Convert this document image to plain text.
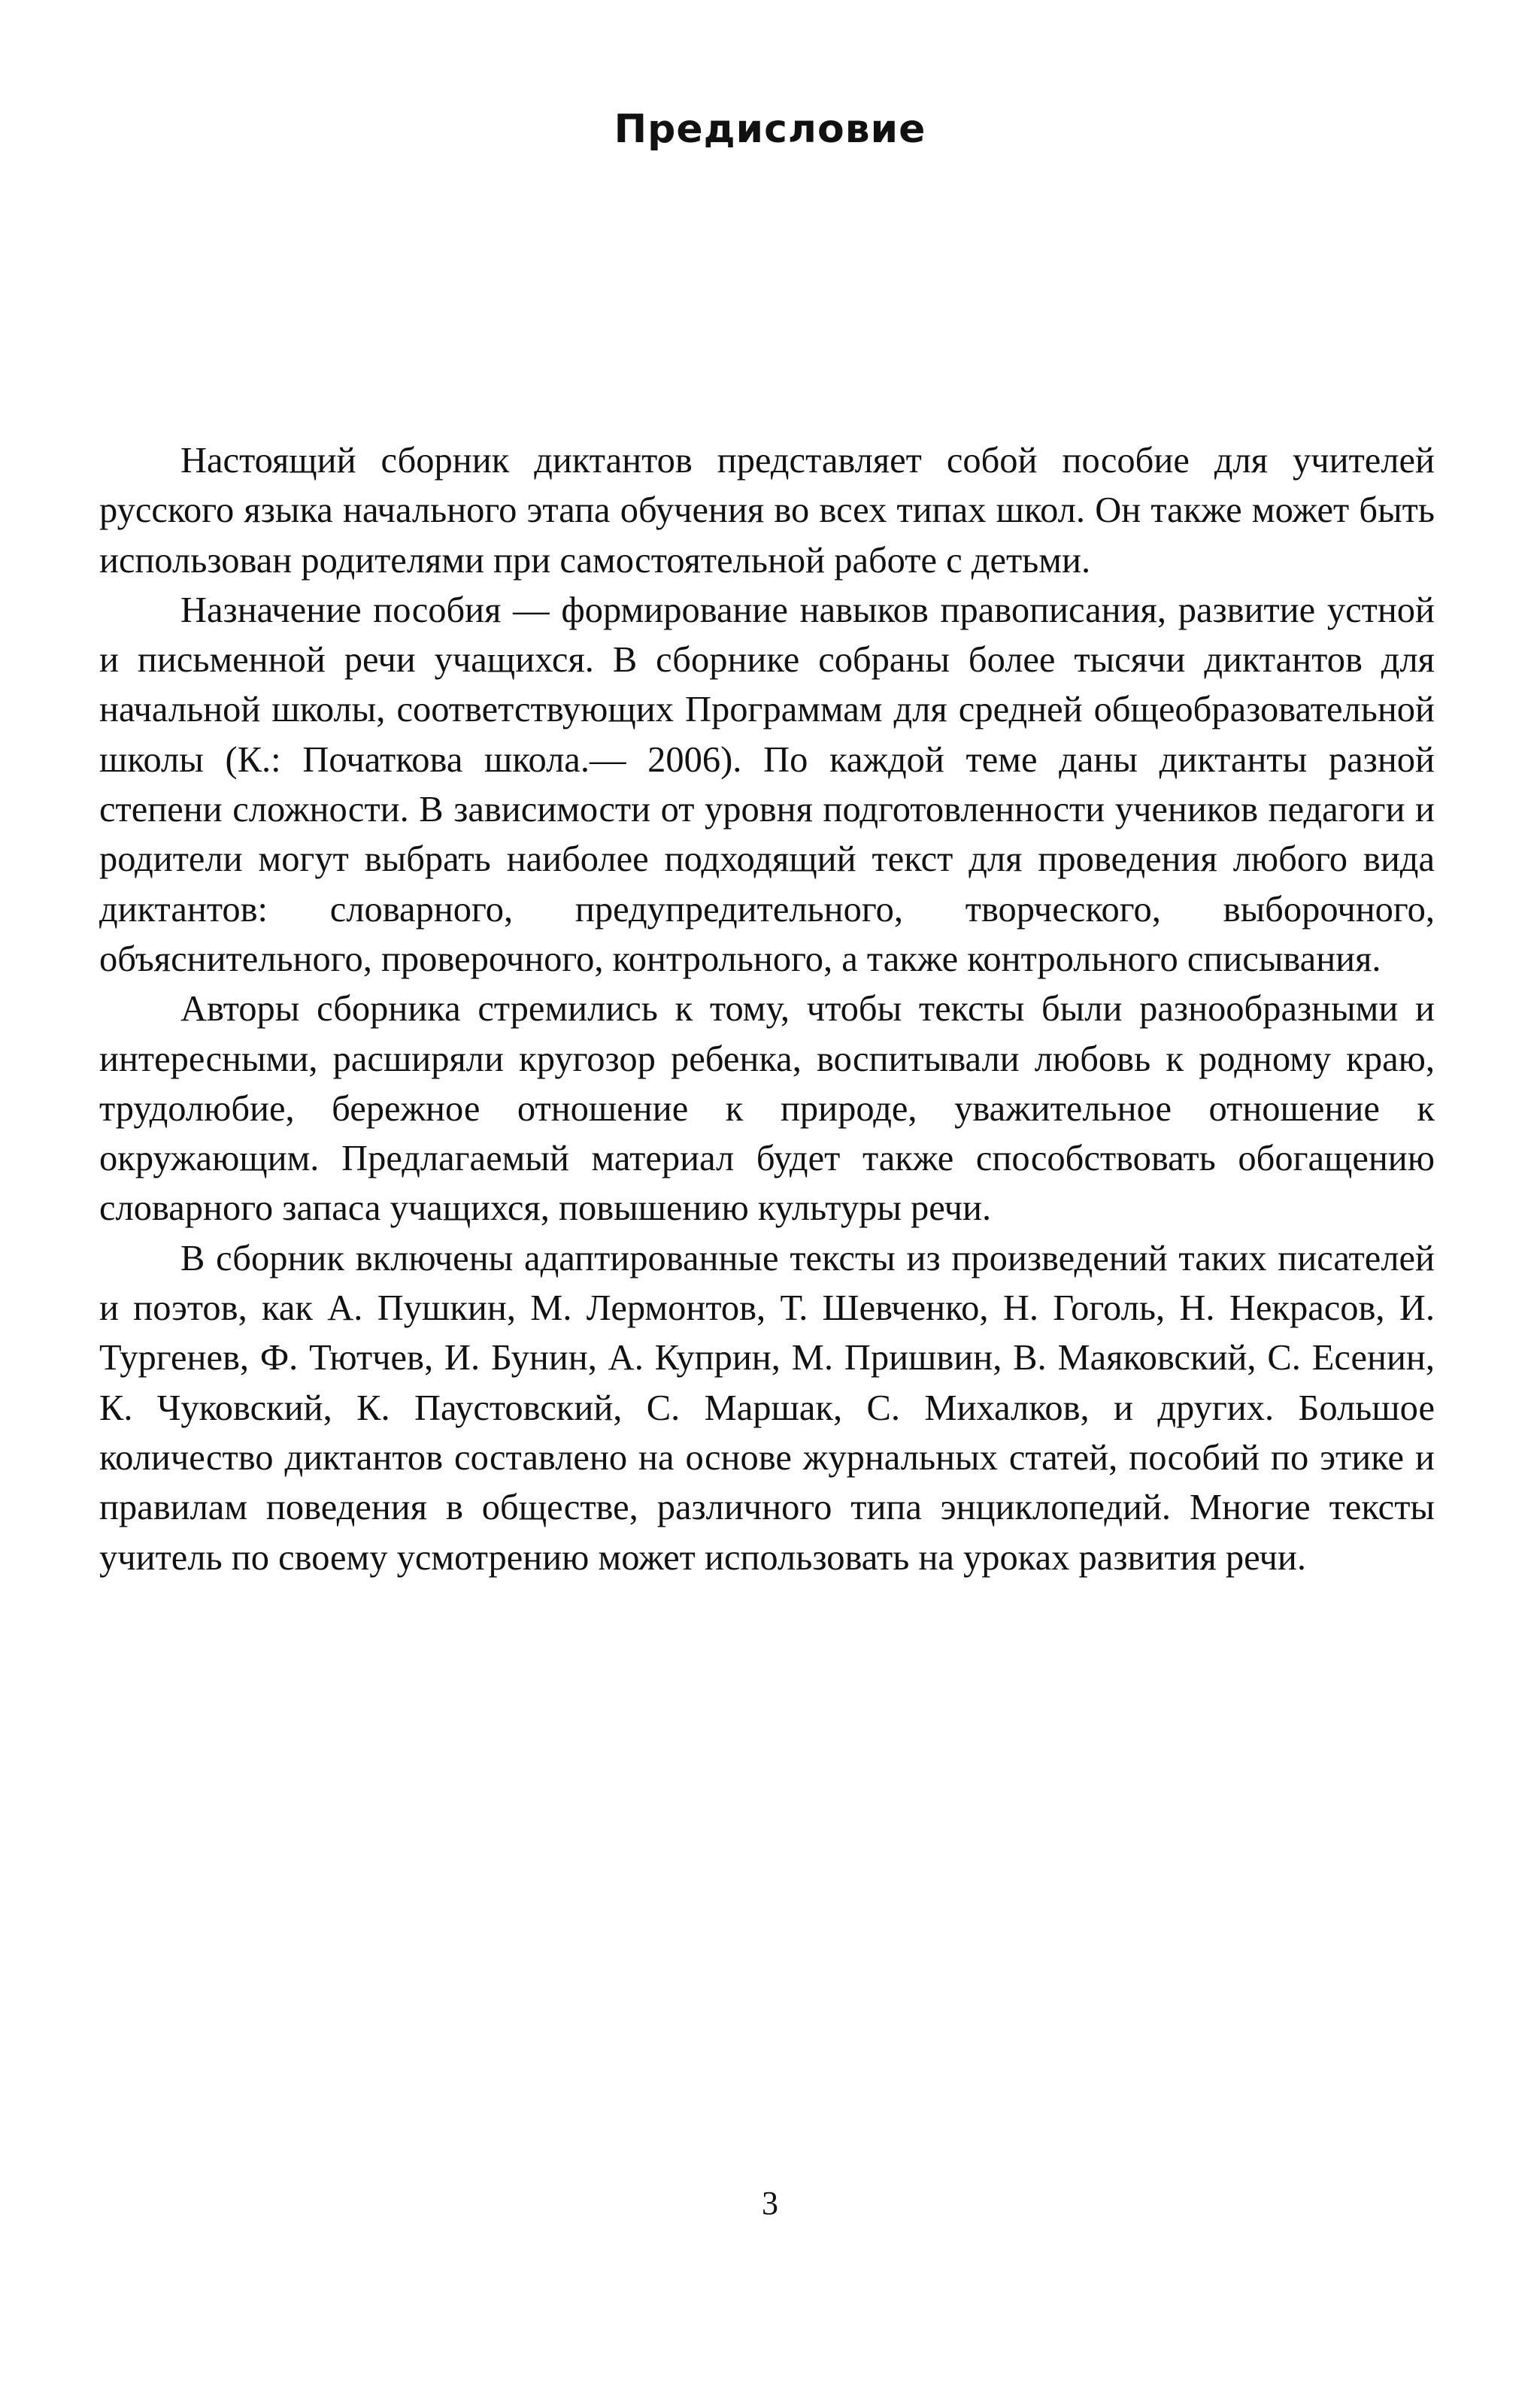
Предисловие

Настоящий сборник диктантов представляет собой пособие для учителей русского языка начального этапа обучения во всех типах школ. Он также может быть использован родителями при самостоятельной работе с детьми.

Назначение пособия — формирование навыков правописания, развитие устной и письменной речи учащихся. В сборнике собраны более тысячи диктантов для начальной школы, соответствующих Программам для средней общеобразовательной школы (К.: Початкова школа.— 2006). По каждой теме даны диктанты разной степени сложности. В зависимости от уровня подготовленности учеников педагоги и родители могут выбрать наиболее подходящий текст для проведения любого вида диктантов: словарного, предупредительного, творческого, выборочного, объяснительного, проверочного, контрольного, а также контрольного списывания.

Авторы сборника стремились к тому, чтобы тексты были разнообразными и интересными, расширяли кругозор ребенка, воспитывали любовь к родному краю, трудолюбие, бережное отношение к природе, уважительное отношение к окружающим. Предлагаемый материал будет также способствовать обогащению словарного запаса учащихся, повышению культуры речи.

В сборник включены адаптированные тексты из произведений таких писателей и поэтов, как А. Пушкин, М. Лермонтов, Т. Шевченко, Н. Гоголь, Н. Некрасов, И. Тургенев, Ф. Тютчев, И. Бунин, А. Куприн, М. Пришвин, В. Маяковский, С. Есенин, К. Чуковский, К. Паустовский, С. Маршак, С. Михалков, и других. Большое количество диктантов составлено на основе журнальных статей, пособий по этике и правилам поведения в обществе, различного типа энциклопедий. Многие тексты учитель по своему усмотрению может использовать на уроках развития речи.

3
